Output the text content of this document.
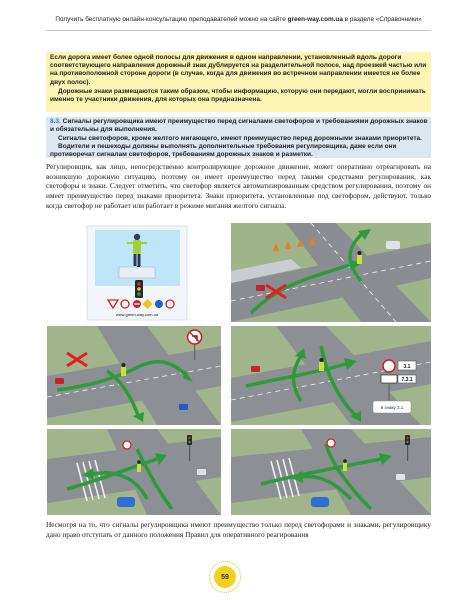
Получить бесплатную онлайн-консультацию преподавателей можно на сайте green-way.com.ua в разделе «Справочники»

Если дорога имеет более одной полосы для движения в одном направлении, установленный вдоль дороги соответствующего направления дорожный знак дублируется на разделительной полосе, над проезжей частью или на противоположной стороне дороги (в случае, когда для движения во встречном направлении имеется не более двух полос).

Дорожные знаки размещаются таким образом, чтобы информацию, которую они передают, могли воспринимать именно те участники движения, для которых она предназначена.

8.3. Сигналы регулировщика имеют преимущество перед сигналами светофоров и требованиями дорожных знаков и обязательны для выполнения.

Сигналы светофоров, кроме желтого мигающего, имеют преимущество перед дорожными знаками приоритета.

Водители и пешеходы должны выполнять дополнительные требования регулировщика, даже если они противоречат сигналам светофоров, требованиям дорожных знаков и разметки.

Регулировщик, как лицо, непосредственно контролирующее дорожное движение, может оперативно отреагировать на возникшую дорожную ситуацию, поэтому он имеет преимущество перед такими средствами регулирования, как светофоры и знаки. Следует отметить, что светофор является автоматизированным средством регулирования, поэтому он имеет преимущество перед знаками приоритета. Знаки приоритета, установленные под светофором, действуют, только когда светофор не работает или работает в режиме мигания желтого сигнала.

www.green-way.com.ua
3.1
7.3.1
в знаку 3.1

Несмотря на то, что сигналы регулировщика имеют преимущество только перед светофорами и знаками, регулировщику дано право отступать от данного положения Правил для оперативного реагирования

59
